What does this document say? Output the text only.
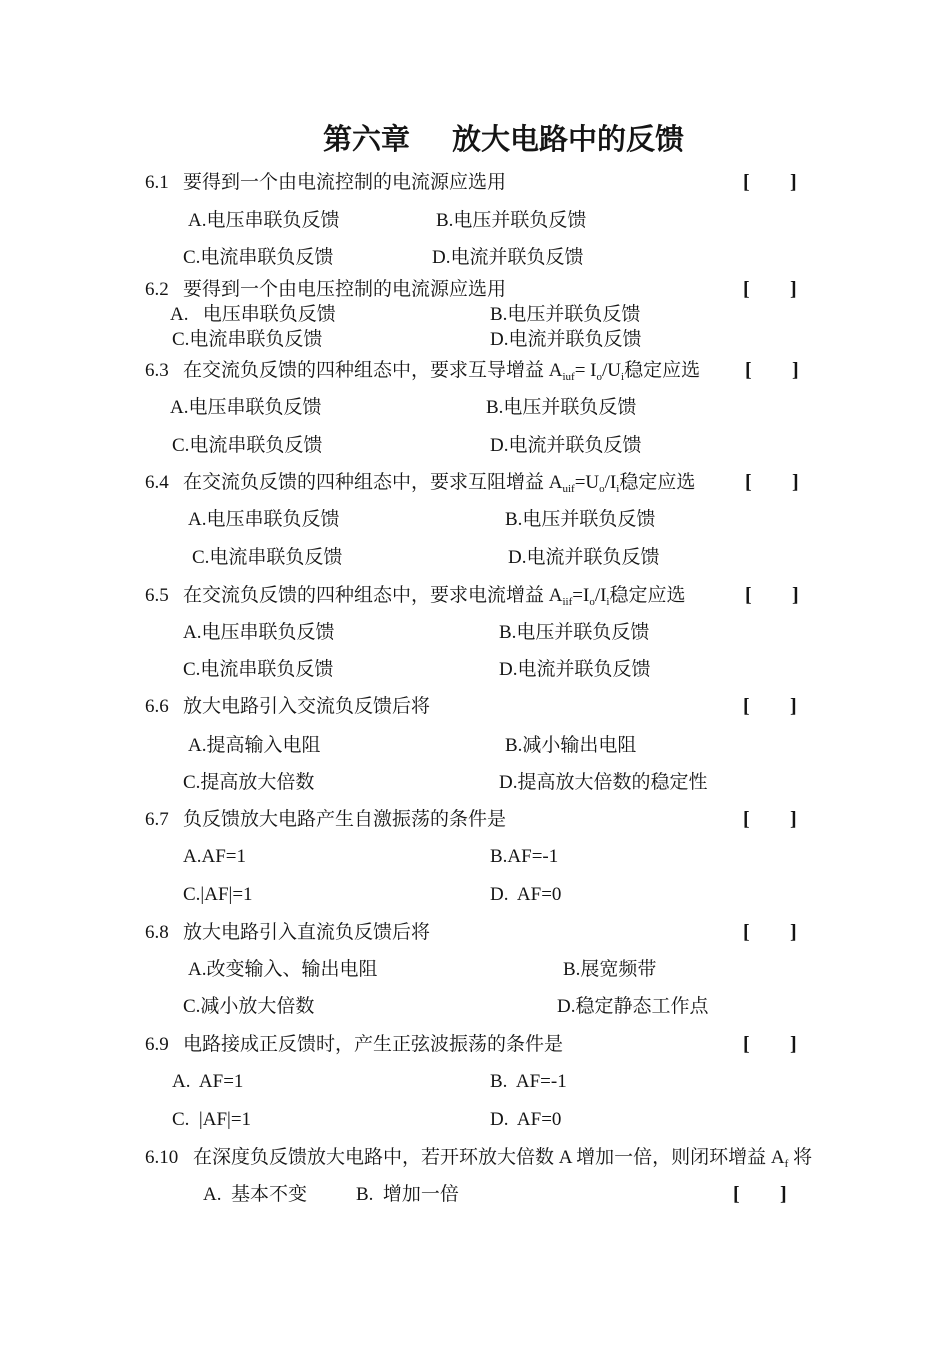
第六章 放大电路中的反馈
6.1 要得到一个由电流控制的电流源应选用	[ ]
A.电压串联负反馈	B.电压并联负反馈
C.电流串联负反馈	D.电流并联负反馈
6.2 要得到一个由电压控制的电流源应选用	[ ]
A.   电压串联负反馈	B.电压并联负反馈
C.电流串联负反馈	D.电流并联负反馈
6.3 在交流负反馈的四种组态中，要求互导增益 $A_{iuf}= I_o/U_i$稳定应选 [ ]
A.电压串联负反馈	B.电压并联负反馈
C.电流串联负反馈	D.电流并联负反馈
6.4 在交流负反馈的四种组态中，要求互阻增益 $A_{uif}=U_o/I_i$稳定应选 [ ]
A.电压串联负反馈	B.电压并联负反馈
C.电流串联负反馈	D.电流并联负反馈
6.5 在交流负反馈的四种组态中，要求电流增益 $A_{iif}=I_o/I_i$稳定应选	[ ]
A.电压串联负反馈	B.电压并联负反馈
C.电流串联负反馈	D.电流并联负反馈
6.6 放大电路引入交流负反馈后将	[ ]
A.提高输入电阻	B.减小输出电阻
C.提高放大倍数	D.提高放大倍数的稳定性
6.7 负反馈放大电路产生自激振荡的条件是	[ ]
A.AF=1	B.AF=-1
C.|AF|=1	D.  AF=0
6.8 放大电路引入直流负反馈后将	[ ]
A.改变输入、输出电阻	B.展宽频带
C.减小放大倍数	D.稳定静态工作点
6.9 电路接成正反馈时，产生正弦波振荡的条件是	[ ]
A.  AF=1	B.  AF=-1
C.  |AF|=1	D.  AF=0
6.10 在深度负反馈放大电路中，若开环放大倍数 A 增加一倍，则闭环增益 $A_f$ 将
A.  基本不变	B.  增加一倍	[ ]
